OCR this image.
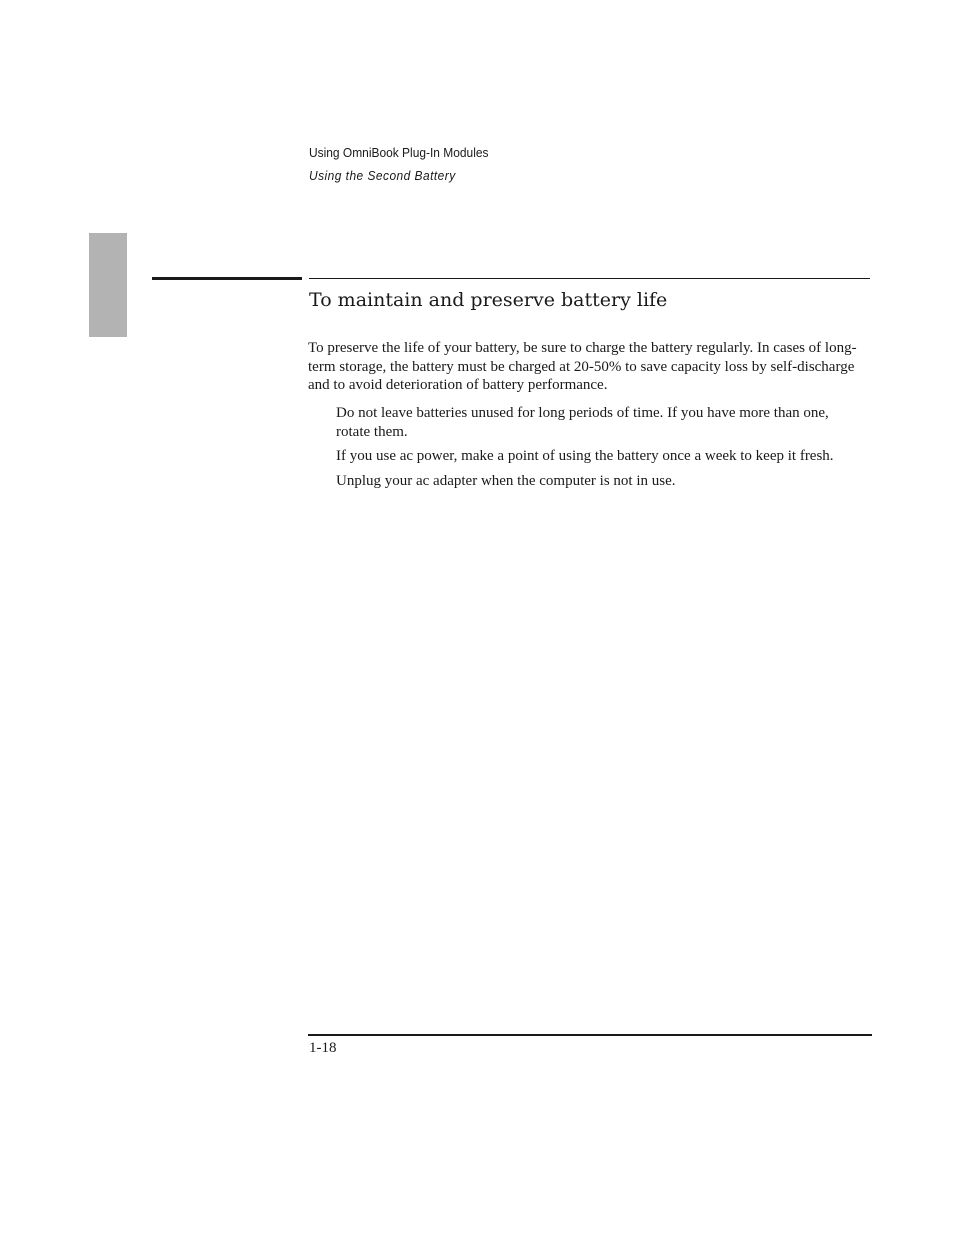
Using OmniBook Plug-In Modules
Using the Second Battery
To maintain and preserve battery life

To preserve the life of your battery, be sure to charge the battery regularly. In cases of long-term storage, the battery must be charged at 20-50% to save capacity loss by self-discharge and to avoid deterioration of battery performance.

Do not leave batteries unused for long periods of time. If you have more than one, rotate them.
If you use ac power, make a point of using the battery once a week to keep it fresh.
Unplug your ac adapter when the computer is not in use.
1-18
